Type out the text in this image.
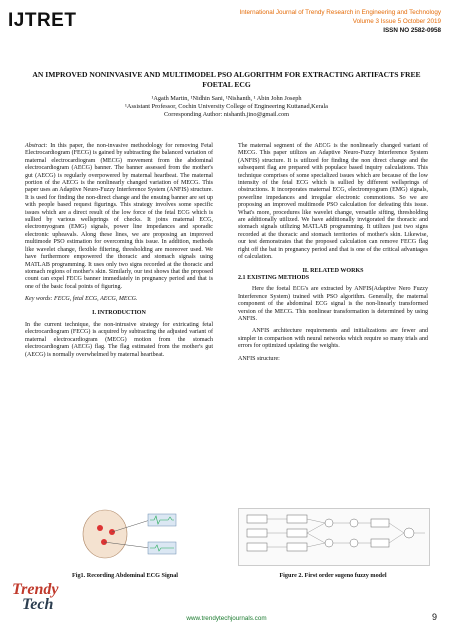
IJTRET	International Journal of Trendy Research in Engineering and Technology
Volume 3 Issue 5 October 2019
ISSN NO 2582-0958
AN IMPROVED NONINVASIVE AND MULTIMODEL PSO ALGORITHM FOR EXTRACTING ARTIFACTS FREE FOETAL ECG
¹Agath Martin, ¹Nidhin Sani, ¹Nishanth, ¹ Abin John Joseph
¹Assistant Professor, Cochin University College of Engineering Kuttanad,Kerala
Corresponding Author: nishanth.jino@gmail.com

Abstract: In this paper, the non-invasive methodology for removing Fetal Electrocardiogram (FECG) is gained by subtracting the balanced variation of maternal electrocardiogram (MECG) movement from the abdominal electrocardiogram (AECG) banner. The banner assessed from the mother's gut (AECG) is regularly overpowered by maternal heartbeat. The maternal portion of the AECG is the nonlinearly changed variation of MECG. This paper uses an Adaptive Neuro-Fuzzy Interference System (ANFIS) structure. It is used for finding the non-direct change and the ensuing banner are set up with people based request figurings. This strategy involves some specific issues which are a direct result of the low force of the fetal ECG which is sullied by various wellsprings of checks. It joins maternal ECG, electromyogram (EMG) signals, power line impedances and sporadic electronic upheavals. Along these lines, we are proposing an improved multimode PSO estimation for overcoming this issue. In addition, methods like wavelet change, flexible filtering, thresholding are moreover used. We have furthermore empowered the thoracic and stomach signals using MATLAB programming. It uses only two signs recorded at the thoracic and stomach regions of mother's skin. Similarly, our test shows that the proposed count can expel FECG banner immediately in pregnancy period and that is one of the basic focal points of figuring.

Key words: FECG, fetal ECG, AECG, MECG.

I. INTRODUCTION

In the current technique, the non-intrusive strategy for extricating fetal electrocardiogram (FECG) is acquired by subtracting the adjusted variant of maternal electrocardiogram (MECG) motion from the stomach electrocardiogram (AECG) flag. The flag estimated from the mother's gut (AECG) is normally overwhelmed by maternal heartbeat.

The maternal segment of the AECG is the nonlinearly changed variant of MECG. This paper utilizes an Adaptive Neuro-Fuzzy Interference System (ANFIS) structure. It is utilized for finding the non direct change and the subsequent flag are prepared with populace based inquiry calculations. This technique comprises of some specialized issues which are because of the low intensity of the fetal ECG which is sullied by different wellsprings of obstructions. It incorporates maternal ECG, electromyogram (EMG) signals, powerline impedances and irregular electronic commotions. So we are proposing an improved multimode PSO calculation for defeating this issue. What's more, procedures like wavelet change, versatile sifting, thresholding are additionally utilized. We have additionally invigorated the thoracic and stomach signals utilizing MATLAB programming. It utilizes just two signs recorded at the thoracic and stomach territories of mother's skin. Likewise, our test demonstrates that the proposed calculation can remove FECG flag right off the bat in pregnancy period and that is one of the critical advantages of calculation.

II. RELATED WORKS
2.1 EXISTING METHODS

Here the foetal ECG's are extracted by ANFIS(Adaptive Nero Fuzzy Interference System) trained with PSO algorithm. Generally, the maternal component of the abdominal ECG signal is the non-linearly transformed version of the MECG. This nonlinear transformation is determined by using ANFIS.

ANFIS architecture requirements and initializations are fewer and simpler in comparison with neural networks which require so many trials and errors for optimized updating the weights.

ANFIS structure:

Fig1. Recording Abdominal ECG Signal	Figure 2. First order sugeno fuzzy model
Trendy
Tech
www.trendytechjournals.com	9
